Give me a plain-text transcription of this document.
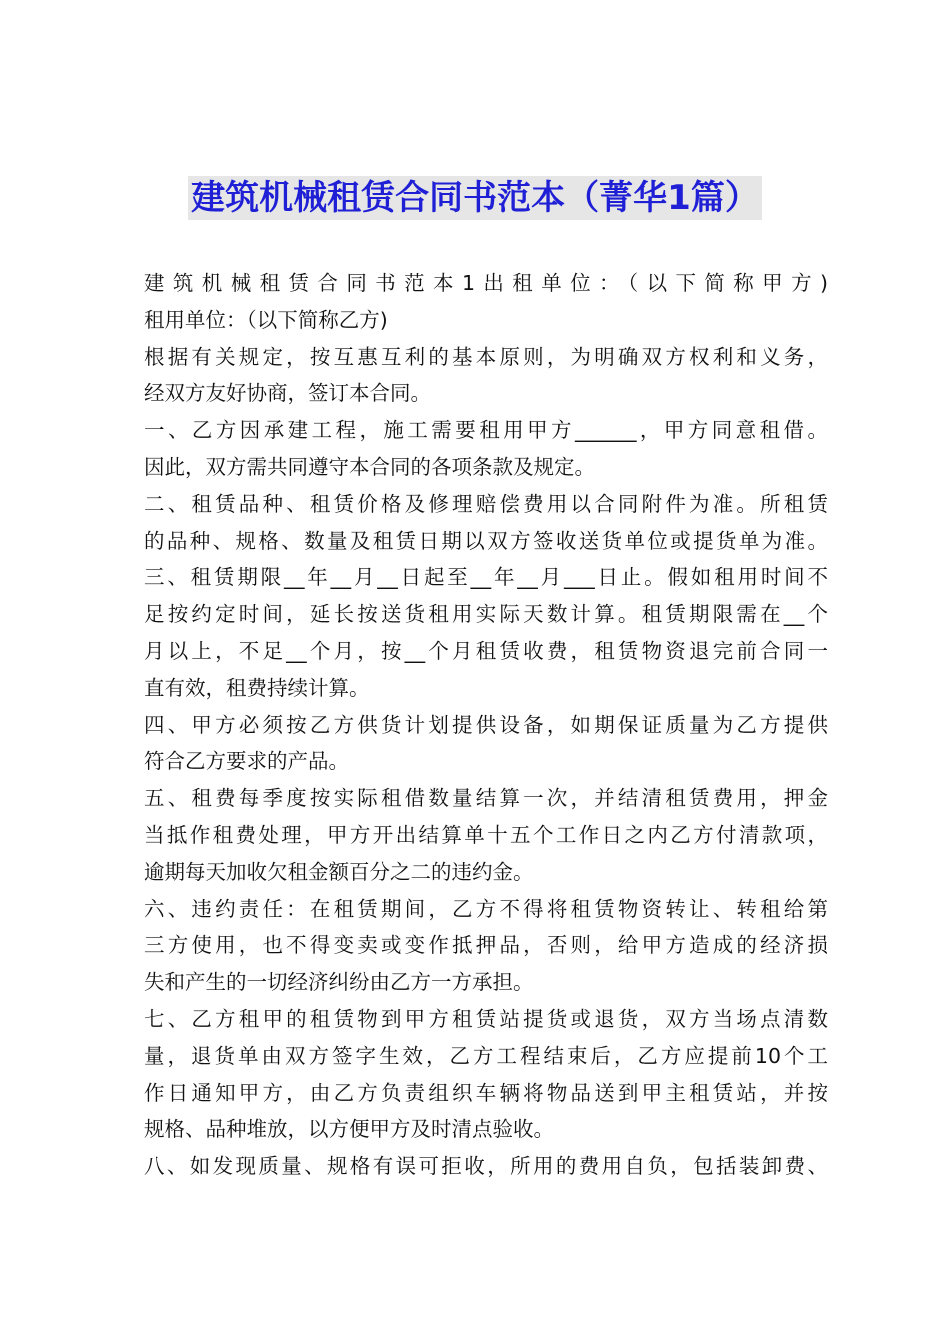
建筑机械租赁合同书范本（菁华1篇）
建筑机械租赁合同书范本1出租单位：（以下简称甲方)
租用单位：（以下简称乙方)
根据有关规定，按互惠互利的基本原则，为明确双方权利和义务，
经双方友好协商，签订本合同。
一、乙方因承建工程，施工需要租用甲方______，甲方同意租借。
因此，双方需共同遵守本合同的各项条款及规定。
二、租赁品种、租赁价格及修理赔偿费用以合同附件为准。所租赁
的品种、规格、数量及租赁日期以双方签收送货单位或提货单为准。
三、租赁期限__年__月__日起至__年__月___日止。假如租用时间不
足按约定时间，延长按送货租用实际天数计算。租赁期限需在__个
月以上，不足__个月，按__个月租赁收费，租赁物资退完前合同一
直有效，租费持续计算。
四、甲方必须按乙方供货计划提供设备，如期保证质量为乙方提供
符合乙方要求的产品。
五、租费每季度按实际租借数量结算一次，并结清租赁费用，押金
当抵作租费处理，甲方开出结算单十五个工作日之内乙方付清款项，
逾期每天加收欠租金额百分之二的违约金。
六、违约责任：在租赁期间，乙方不得将租赁物资转让、转租给第
三方使用，也不得变卖或变作抵押品，否则，给甲方造成的经济损
失和产生的一切经济纠纷由乙方一方承担。
七、乙方租甲的租赁物到甲方租赁站提货或退货，双方当场点清数
量，退货单由双方签字生效，乙方工程结束后，乙方应提前10个工
作日通知甲方，由乙方负责组织车辆将物品送到甲主租赁站，并按
规格、品种堆放，以方便甲方及时清点验收。
八、如发现质量、规格有误可拒收，所用的费用自负，包括装卸费、
